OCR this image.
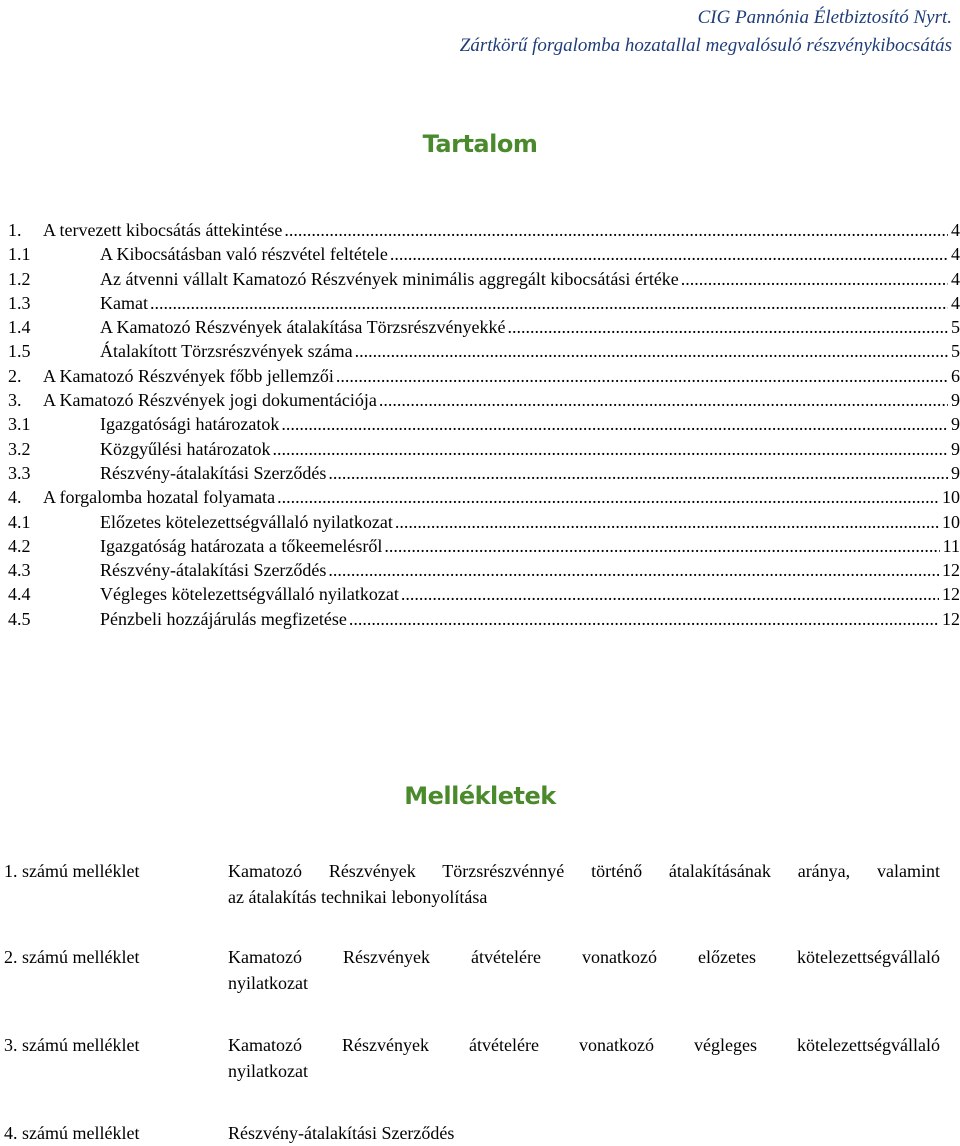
CIG Pannónia Életbiztosító Nyrt.
Zártkörű forgalomba hozatallal megvalósuló részvénykibocsátás
Tartalom
1.	A tervezett kibocsátás áttekintése .....	4
1.1	A Kibocsátásban való részvétel feltétele .....	4
1.2	Az átvenni vállalt Kamatozó Részvények minimális aggregált kibocsátási értéke .....	4
1.3	Kamat .....	4
1.4	A Kamatozó Részvények átalakítása Törzsrészvényekké .....	5
1.5	Átalakított Törzsrészvények száma .....	5
2.	A Kamatozó Részvények főbb jellemzői .....	6
3.	A Kamatozó Részvények jogi dokumentációja .....	9
3.1	Igazgatósági határozatok .....	9
3.2	Közgyűlési határozatok .....	9
3.3	Részvény-átalakítási Szerződés .....	9
4.	A forgalomba hozatal folyamata .....	10
4.1	Előzetes kötelezettségvállaló nyilatkozat .....	10
4.2	Igazgatóság határozata a tőkeemelésről .....	11
4.3	Részvény-átalakítási Szerződés .....	12
4.4	Végleges kötelezettségvállaló nyilatkozat .....	12
4.5	Pénzbeli hozzájárulás megfizetése .....	12
Mellékletek
1. számú melléklet	Kamatozó Részvények Törzsrészvénnyé történő átalakításának aránya, valamint
az átalakítás technikai lebonyolítása
2. számú melléklet	Kamatozó Részvények átvételére vonatkozó előzetes kötelezettségvállaló
nyilatkozat
3. számú melléklet	Kamatozó Részvények átvételére vonatkozó végleges kötelezettségvállaló
nyilatkozat
4. számú melléklet	Részvény-átalakítási Szerződés
